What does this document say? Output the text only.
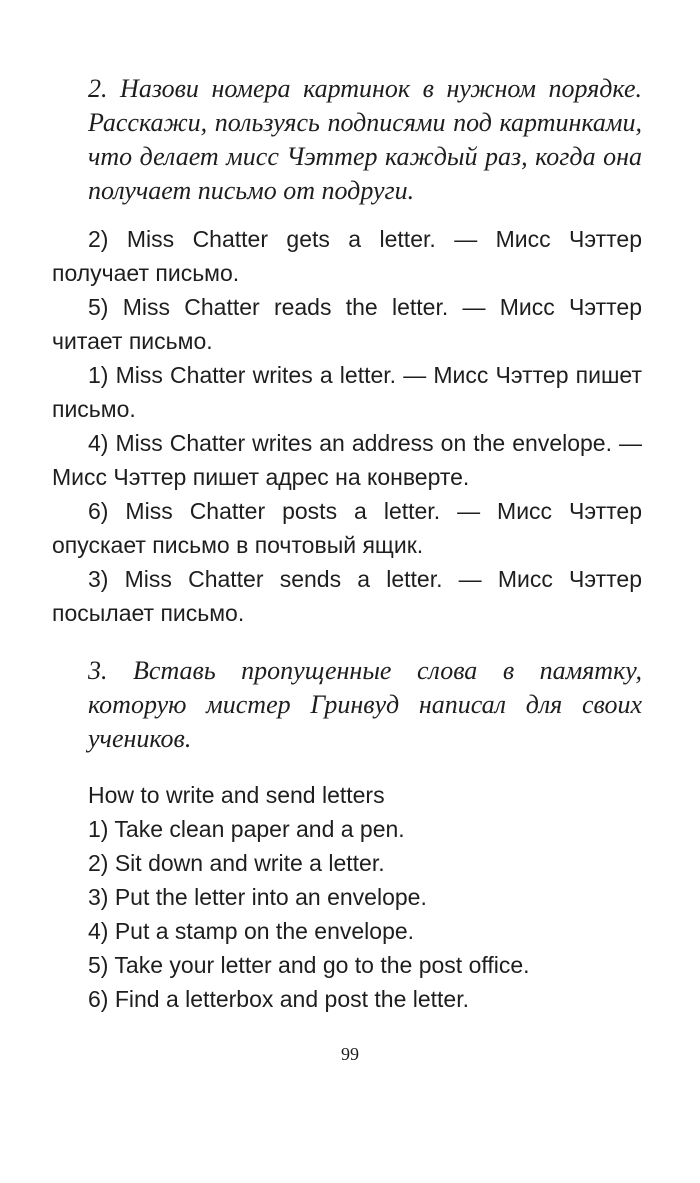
2. Назови номера картинок в нужном порядке. Расскажи, пользуясь подписями под картинками, что делает мисс Чэттер каждый раз, когда она получает письмо от подруги.

2) Miss Chatter gets a letter. — Мисс Чэттер получает письмо.

5) Miss Chatter reads the letter. — Мисс Чэттер читает письмо.

1) Miss Chatter writes a letter. — Мисс Чэттер пишет письмо.

4) Miss Chatter writes an address on the envelope. — Мисс Чэттер пишет адрес на конверте.

6) Miss Chatter posts a letter. — Мисс Чэттер опускает письмо в почтовый ящик.

3) Miss Chatter sends a letter. — Мисс Чэттер посылает письмо.

3. Вставь пропущенные слова в памятку, которую мистер Гринвуд написал для своих учеников.

How to write and send letters
1) Take clean paper and a pen.
2) Sit down and write a letter.
3) Put the letter into an envelope.
4) Put a stamp on the envelope.
5) Take your letter and go to the post office.
6) Find a letterbox and post the letter.
99
